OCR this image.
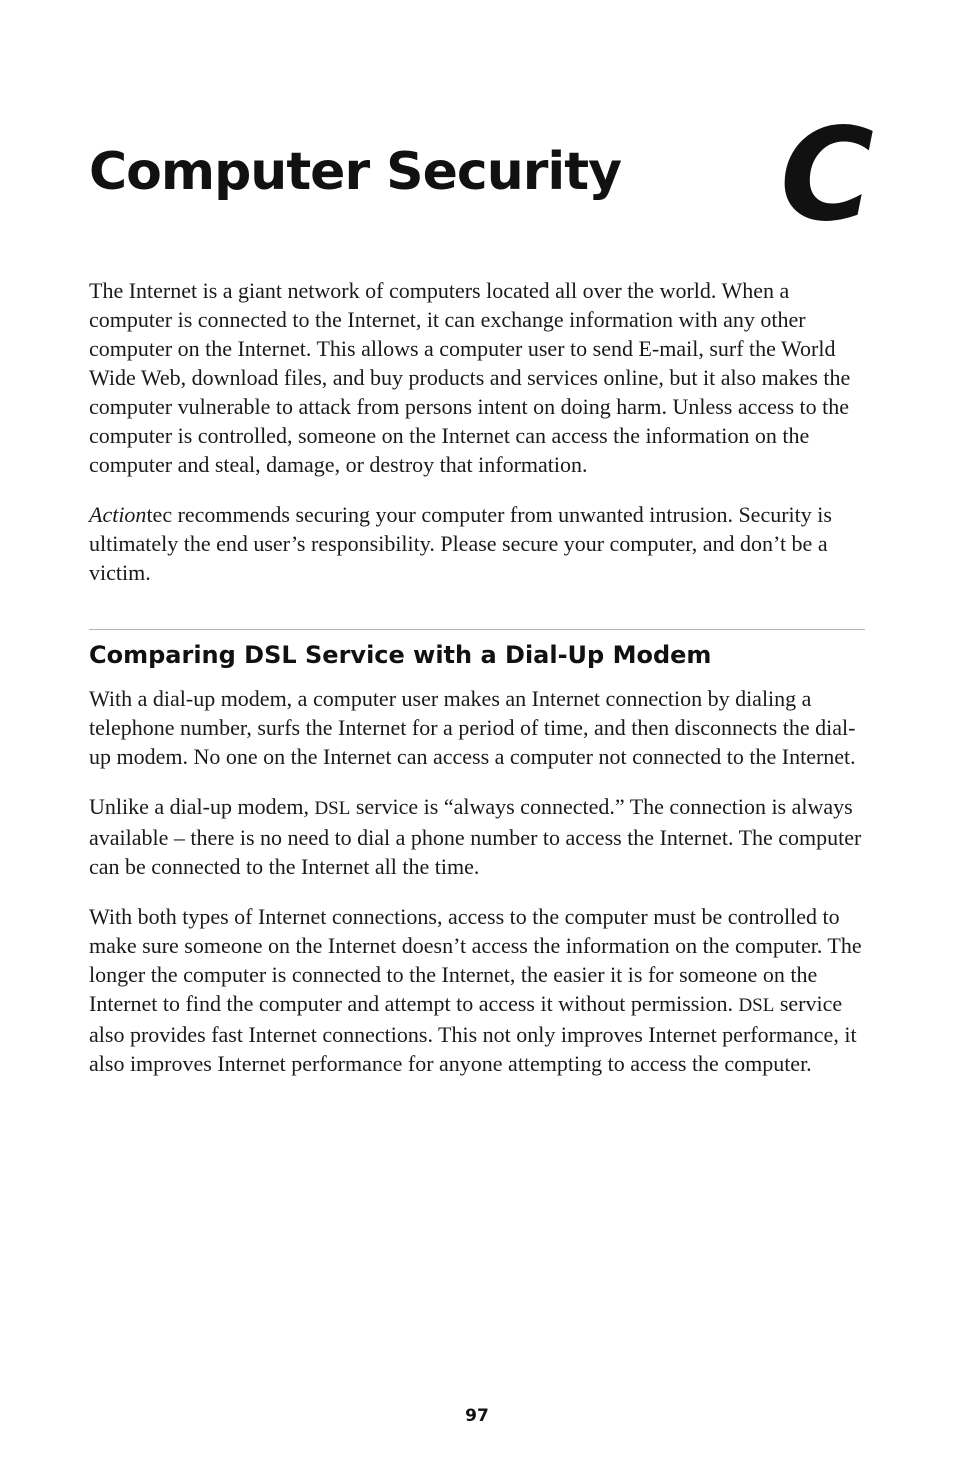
Computer Security C

The Internet is a giant network of computers located all over the world. When a computer is connected to the Internet, it can exchange information with any other computer on the Internet. This allows a computer user to send E-mail, surf the World Wide Web, download files, and buy products and services online, but it also makes the computer vulnerable to attack from persons intent on doing harm. Unless access to the computer is controlled, someone on the Internet can access the information on the computer and steal, damage, or destroy that information.

Actiontec recommends securing your computer from unwanted intrusion. Security is ultimately the end user’s responsibility. Please secure your computer, and don’t be a victim.

Comparing DSL Service with a Dial-Up Modem

With a dial-up modem, a computer user makes an Internet connection by dialing a telephone number, surfs the Internet for a period of time, and then disconnects the dial-up modem. No one on the Internet can access a computer not connected to the Internet.

Unlike a dial-up modem, DSL service is “always connected.” The connection is always available – there is no need to dial a phone number to access the Internet. The computer can be connected to the Internet all the time.

With both types of Internet connections, access to the computer must be controlled to make sure someone on the Internet doesn’t access the information on the computer. The longer the computer is connected to the Internet, the easier it is for someone on the Internet to find the computer and attempt to access it without permission. DSL service also provides fast Internet connections. This not only improves Internet performance, it also improves Internet performance for anyone attempting to access the computer.

97
